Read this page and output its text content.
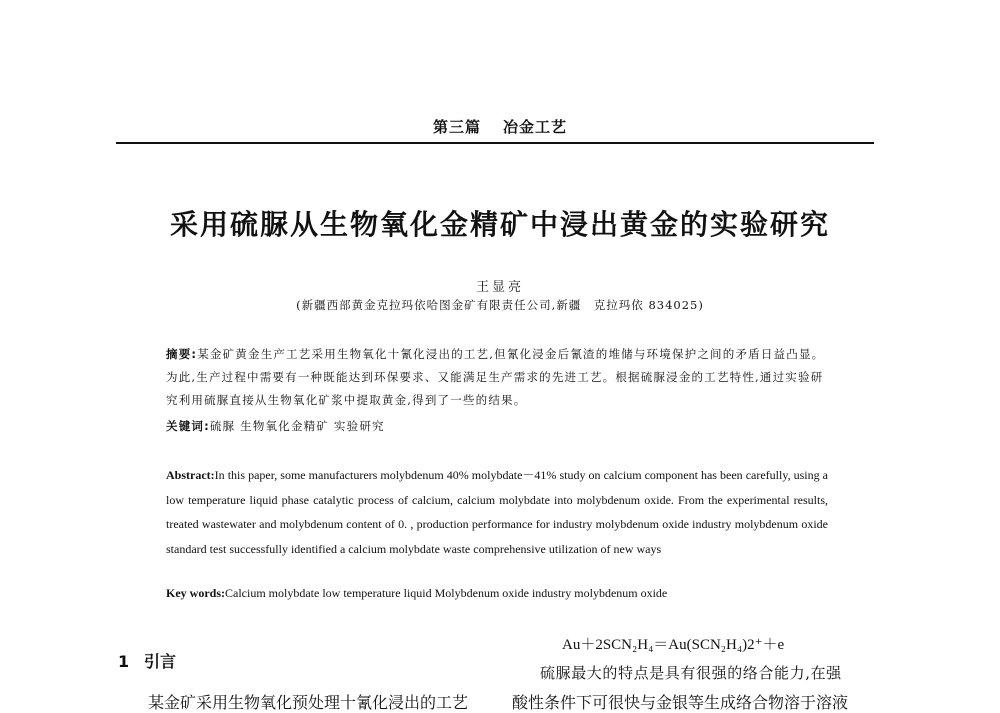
第三篇 冶金工艺
采用硫脲从生物氧化金精矿中浸出黄金的实验研究
王显亮
(新疆西部黄金克拉玛依哈图金矿有限责任公司,新疆　克拉玛依 834025)
摘要:某金矿黄金生产工艺采用生物氧化十氰化浸出的工艺,但氰化浸金后氰渣的堆储与环境保护之间的矛盾日益凸显。为此,生产过程中需要有一种既能达到环保要求、又能满足生产需求的先进工艺。根据硫脲浸金的工艺特性,通过实验研究利用硫脲直接从生物氧化矿浆中提取黄金,得到了一些的结果。
关键词:硫脲 生物氧化金精矿 实验研究
Abstract:In this paper, some manufacturers molybdenum 40% molybdate－41% study on calcium component has been carefully, using a low temperature liquid phase catalytic process of calcium, calcium molybdate into molybdenum oxide. From the experimental results, treated wastewater and molybdenum content of 0. , production performance for industry molybdenum oxide industry molybdenum oxide standard test successfully identified a calcium molybdate waste comprehensive utilization of new ways
Key words:Calcium molybdate low temperature liquid Molybdenum oxide industry molybdenum oxide
1 引言
某金矿采用生物氧化预处理十氰化浸出的工艺
Au＋2SCN₂H₄＝Au(SCN₂H₄)2⁺＋e
硫脲最大的特点是具有很强的络合能力,在强
酸性条件下可很快与金银等生成络合物溶于溶液
